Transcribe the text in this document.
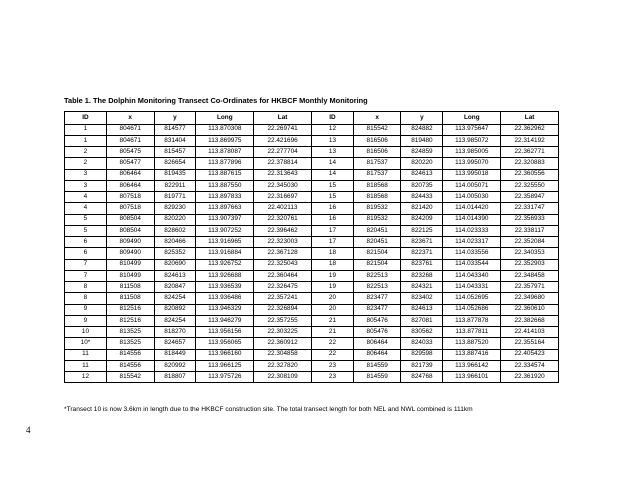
Table 1. The Dolphin Monitoring Transect Co-Ordinates for HKBCF Monthly Monitoring
ID	x	y	Long	Lat	ID	x	y	Long	Lat
1	804671	814577	113.870308	22.269741	12	815542	824882	113.975647	22.362962
1	804671	831404	113.869975	22.421696	13	816506	819480	113.985072	22.314192
2	805475	815457	113.878087	22.277704	13	816506	824859	113.985005	22.362771
2	805477	826654	113.877896	22.378814	14	817537	820220	113.995070	22.320883
3	806464	819435	113.887615	22.313643	14	817537	824613	113.995018	22.360556
3	806464	822911	113.887550	22.345030	15	818568	820735	114.005071	22.325550
4	807518	819771	113.897833	22.316697	15	818568	824433	114.005030	22.358947
4	807518	829230	113.897663	22.402113	16	819532	821420	114.014420	22.331747
5	808504	820220	113.907397	22.320761	16	819532	824209	114.014390	22.356933
5	808504	828602	113.907252	22.396462	17	820451	822125	114.023333	22.338117
6	809490	820466	113.916965	22.323003	17	820451	823671	114.023317	22.352084
6	809490	825352	113.916884	22.367128	18	821504	822371	114.033556	22.340353
7	810499	820690	113.926752	22.325043	18	821504	823761	114.033544	22.352903
7	810499	824613	113.926688	22.360464	19	822513	823268	114.043340	22.348458
8	811508	820847	113.936539	22.326475	19	822513	824321	114.043331	22.357971
8	811508	824254	113.936486	22.357241	20	823477	823402	114.052695	22.349680
9	812516	820892	113.946329	22.326894	20	823477	824613	114.052686	22.360610
9	812516	824254	113.946279	22.357255	21	805476	827081	113.877878	22.382668
10	813525	818270	113.956156	22.303225	21	805476	830562	113.877811	22.414103
10*	813525	824657	113.956065	22.360912	22	806464	824033	113.887520	22.355164
11	814556	818449	113.966160	22.304858	22	806464	829598	113.887416	22.405423
11	814556	820992	113.966125	22.327820	23	814559	821739	113.966142	22.334574
12	815542	818807	113.975726	22.308109	23	814559	824768	113.966101	22.361920
*Transect 10 is now 3.6km in length due to the HKBCF construction site. The total transect length for both NEL and NWL combined is 111km
4
